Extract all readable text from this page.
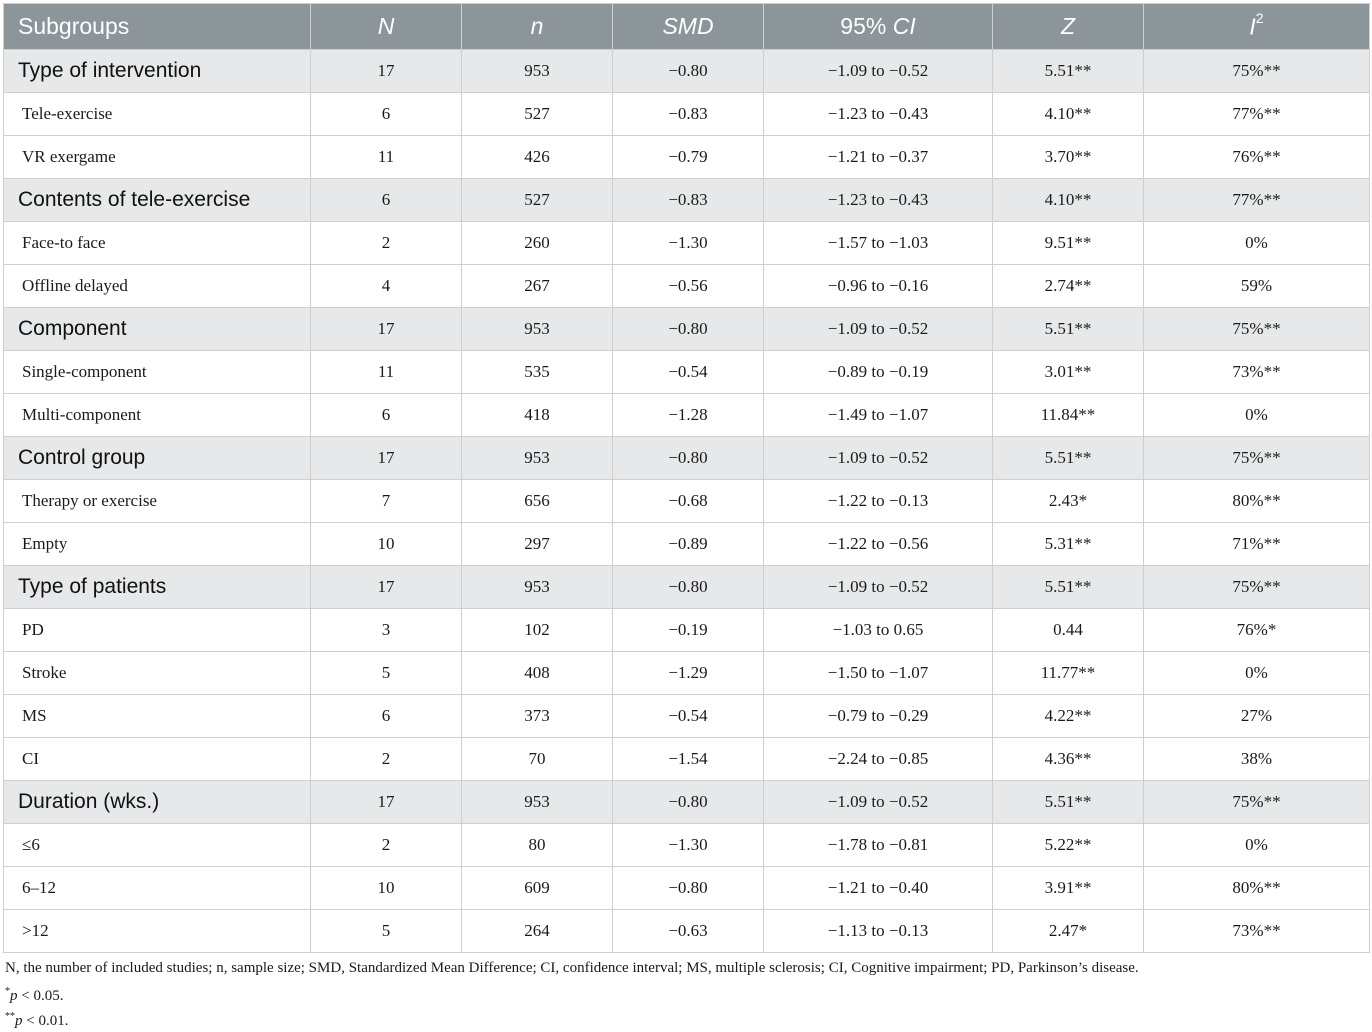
Subgroups	N	n	SMD	95% CI	Z	$I^2$
Type of intervention	17	953	−0.80	−1.09 to −0.52	5.51**	75%**
Tele-exercise	6	527	−0.83	−1.23 to −0.43	4.10**	77%**
VR exergame	11	426	−0.79	−1.21 to −0.37	3.70**	76%**
Contents of tele-exercise	6	527	−0.83	−1.23 to −0.43	4.10**	77%**
Face-to face	2	260	−1.30	−1.57 to −1.03	9.51**	0%
Offline delayed	4	267	−0.56	−0.96 to −0.16	2.74**	59%
Component	17	953	−0.80	−1.09 to −0.52	5.51**	75%**
Single-component	11	535	−0.54	−0.89 to −0.19	3.01**	73%**
Multi-component	6	418	−1.28	−1.49 to −1.07	11.84**	0%
Control group	17	953	−0.80	−1.09 to −0.52	5.51**	75%**
Therapy or exercise	7	656	−0.68	−1.22 to −0.13	2.43*	80%**
Empty	10	297	−0.89	−1.22 to −0.56	5.31**	71%**
Type of patients	17	953	−0.80	−1.09 to −0.52	5.51**	75%**
PD	3	102	−0.19	−1.03 to 0.65	0.44	76%*
Stroke	5	408	−1.29	−1.50 to −1.07	11.77**	0%
MS	6	373	−0.54	−0.79 to −0.29	4.22**	27%
CI	2	70	−1.54	−2.24 to −0.85	4.36**	38%
Duration (wks.)	17	953	−0.80	−1.09 to −0.52	5.51**	75%**
≤6	2	80	−1.30	−1.78 to −0.81	5.22**	0%
6–12	10	609	−0.80	−1.21 to −0.40	3.91**	80%**
>12	5	264	−0.63	−1.13 to −0.13	2.47*	73%**
N, the number of included studies; n, sample size; SMD, Standardized Mean Difference; CI, confidence interval; MS, multiple sclerosis; CI, Cognitive impairment; PD, Parkinson’s disease.
*p < 0.05.
**p < 0.01.
